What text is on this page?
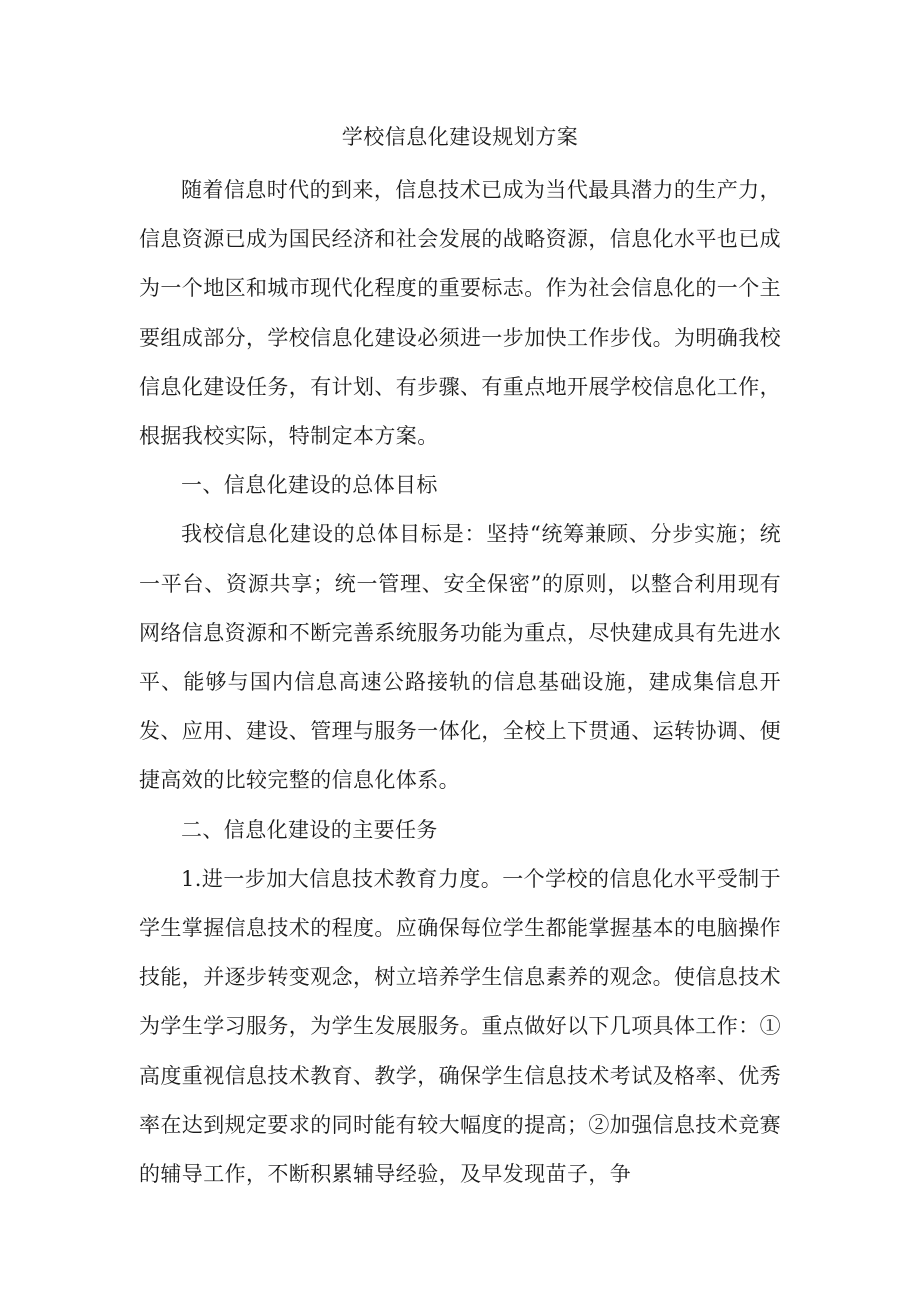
学校信息化建设规划方案

随着信息时代的到来，信息技术已成为当代最具潜力的生产力，信息资源已成为国民经济和社会发展的战略资源，信息化水平也已成为一个地区和城市现代化程度的重要标志。作为社会信息化的一个主要组成部分，学校信息化建设必须进一步加快工作步伐。为明确我校信息化建设任务，有计划、有步骤、有重点地开展学校信息化工作，根据我校实际，特制定本方案。

一、信息化建设的总体目标

我校信息化建设的总体目标是：坚持“统筹兼顾、分步实施；统一平台、资源共享；统一管理、安全保密”的原则，以整合利用现有网络信息资源和不断完善系统服务功能为重点，尽快建成具有先进水平、能够与国内信息高速公路接轨的信息基础设施，建成集信息开发、应用、建设、管理与服务一体化，全校上下贯通、运转协调、便捷高效的比较完整的信息化体系。

二、信息化建设的主要任务

1.进一步加大信息技术教育力度。一个学校的信息化水平受制于学生掌握信息技术的程度。应确保每位学生都能掌握基本的电脑操作技能，并逐步转变观念，树立培养学生信息素养的观念。使信息技术为学生学习服务，为学生发展服务。重点做好以下几项具体工作：①高度重视信息技术教育、教学，确保学生信息技术考试及格率、优秀率在达到规定要求的同时能有较大幅度的提高；②加强信息技术竞赛的辅导工作，不断积累辅导经验，及早发现苗子，争
